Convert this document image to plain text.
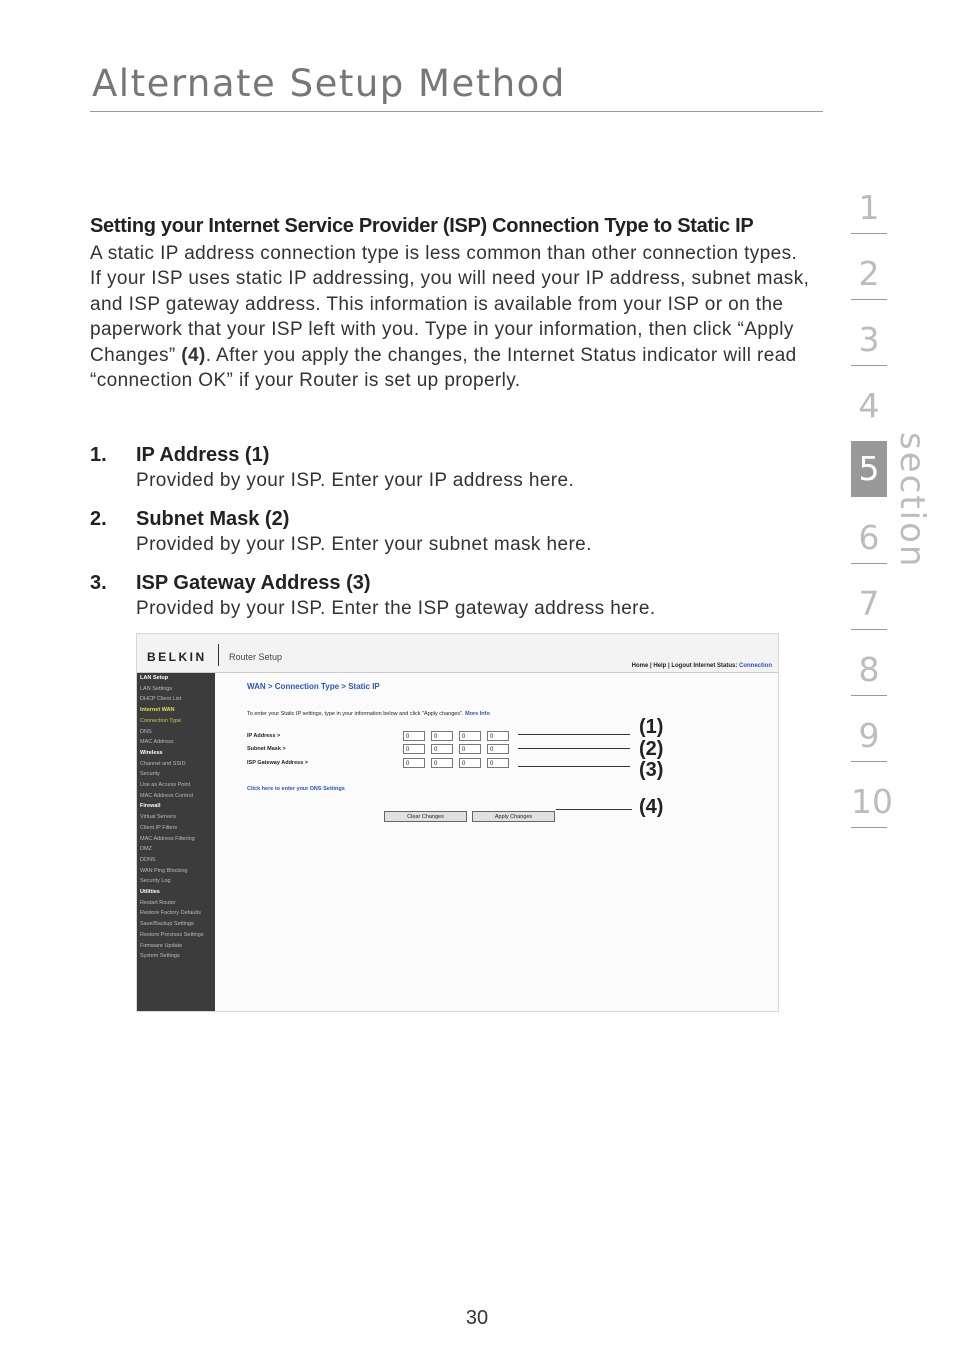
Alternate Setup Method
Setting your Internet Service Provider (ISP) Connection Type to Static IP
A static IP address connection type is less common than other connection types. If your ISP uses static IP addressing, you will need your IP address, subnet mask, and ISP gateway address. This information is available from your ISP or on the paperwork that your ISP left with you. Type in your information, then click “Apply Changes” (4). After you apply the changes, the Internet Status indicator will read “connection OK” if your Router is set up properly.
1. IP Address (1)
Provided by your ISP. Enter your IP address here.
2. Subnet Mask (2)
Provided by your ISP. Enter your subnet mask here.
3. ISP Gateway Address (3)
Provided by your ISP. Enter the ISP gateway address here.
1
2
3
4
5
6
7
8
9
10
section
BELKIN Router Setup
Home | Help | Logout Internet Status: Connection
LAN Setup
LAN Settings
DHCP Client List
Internet WAN
Connection Type
DNS
MAC Address
Wireless
Channel and SSID
Security
Use as Access Point
MAC Address Control
Firewall
Virtual Servers
Client IP Filters
MAC Address Filtering
DMZ
DDNS
WAN Ping Blocking
Security Log
Utilities
Restart Router
Restore Factory Defaults
Save/Backup Settings
Restore Previous Settings
Firmware Update
System Settings
WAN > Connection Type > Static IP
To enter your Static IP settings, type in your information below and click "Apply changes". More Info
IP Address >	0	0	0	0
Subnet Mask >	0	0	0	0
ISP Gateway Address >	0	0	0	0
Click here to enter your DNS Settings
Clear Changes	Apply Changes
(1)
(2)
(3)
(4)
30
